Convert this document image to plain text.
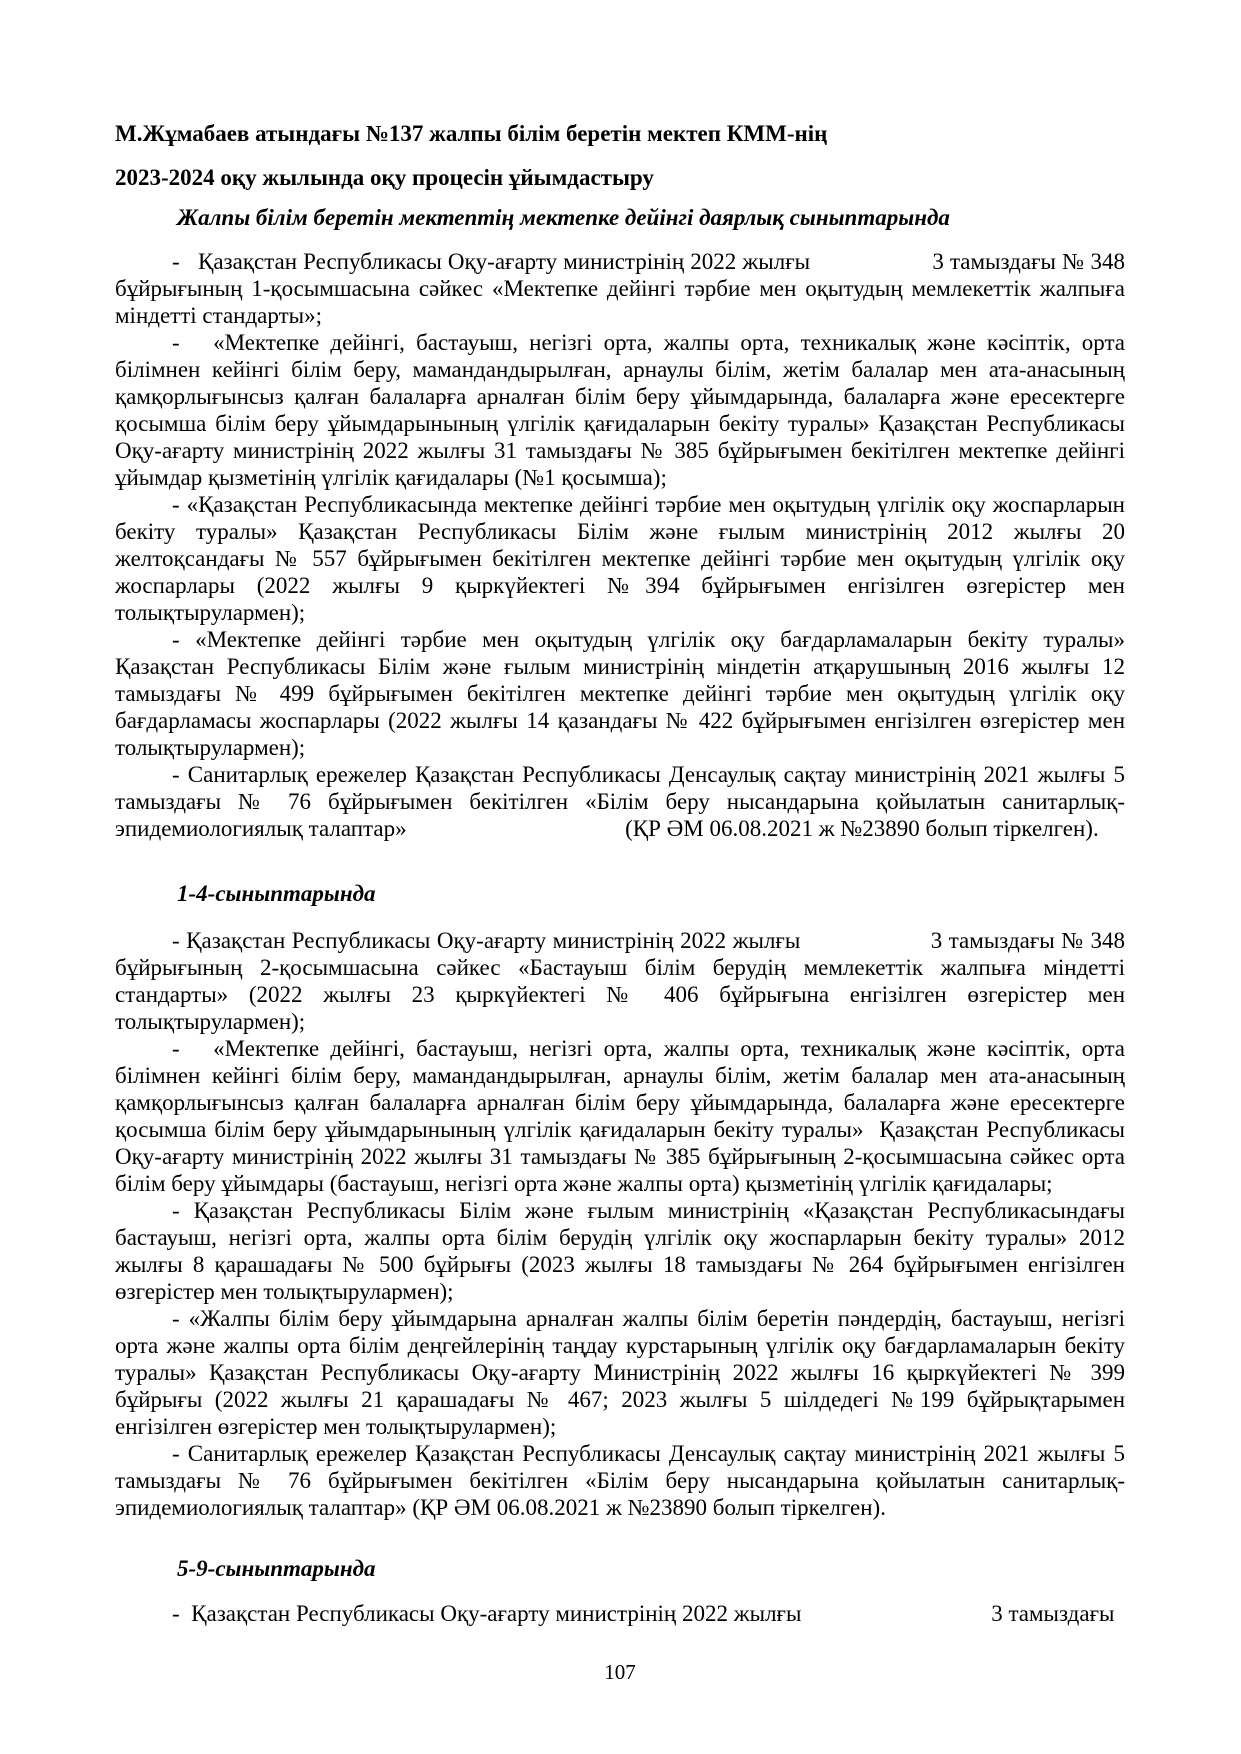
М.Жұмабаев атындағы №137 жалпы білім беретін мектеп КММ-нің

2023-2024 оқу жылында оқу процесін ұйымдастыру

Жалпы білім беретін мектептің мектепке дейінгі даярлық сыныптарында

-   Қазақстан Республикасы Оқу-ағарту министрінің 2022 жылғы                    3 тамыздағы № 348 бұйрығының 1-қосымшасына сәйкес «Мектепке дейінгі тәрбие мен оқытудың мемлекеттік жалпыға міндетті стандарты»;

-   «Мектепке дейінгі, бастауыш, негізгі орта, жалпы орта, техникалық және кәсіптік, орта білімнен кейінгі білім беру, мамандандырылған, арнаулы білім, жетім балалар мен ата-анасының қамқорлығынсыз қалған балаларға арналған білім беру ұйымдарында, балаларға және ересектерге қосымша білім беру ұйымдарынының үлгілік қағидаларын бекіту туралы» Қазақстан Республикасы Оқу-ағарту министрінің 2022 жылғы 31 тамыздағы № 385 бұйрығымен бекітілген мектепке дейінгі ұйымдар қызметінің үлгілік қағидалары (№1 қосымша);

- «Қазақстан Республикасында мектепке дейінгі тәрбие мен оқытудың үлгілік оқу жоспарларын бекіту туралы» Қазақстан Республикасы Білім және ғылым министрінің 2012 жылғы 20 желтоқсандағы № 557 бұйрығымен бекітілген мектепке дейінгі тәрбие мен оқытудың үлгілік оқу жоспарлары (2022 жылғы 9 қыркүйектегі №394 бұйрығымен енгізілген өзгерістер мен толықтырулармен);

- «Мектепке дейінгі тәрбие мен оқытудың үлгілік оқу бағдарламаларын бекіту туралы» Қазақстан Республикасы Білім және ғылым министрінің міндетін атқарушының 2016 жылғы 12 тамыздағы № 499 бұйрығымен бекітілген мектепке дейінгі тәрбие мен оқытудың үлгілік оқу бағдарламасы жоспарлары (2022 жылғы 14 қазандағы № 422 бұйрығымен енгізілген өзгерістер мен толықтырулармен);

- Санитарлық ережелер Қазақстан Республикасы Денсаулық сақтау министрінің 2021 жылғы 5 тамыздағы № 76 бұйрығымен бекітілген «Білім беру нысандарына қойылатын санитарлық-эпидемиологиялық талаптар»                                      (ҚР ӘМ 06.08.2021 ж №23890 болып тіркелген).

1-4-сыныптарында

- Қазақстан Республикасы Оқу-ағарту министрінің 2022 жылғы                    3 тамыздағы № 348 бұйрығының 2-қосымшасына сәйкес «Бастауыш білім берудің мемлекеттік жалпыға міндетті стандарты» (2022 жылғы 23 қыркүйектегі № 406 бұйрығына енгізілген өзгерістер мен толықтырулармен);

-   «Мектепке дейінгі, бастауыш, негізгі орта, жалпы орта, техникалық және кәсіптік, орта білімнен кейінгі білім беру, мамандандырылған, арнаулы білім, жетім балалар мен ата-анасының қамқорлығынсыз қалған балаларға арналған білім беру ұйымдарында, балаларға және ересектерге қосымша білім беру ұйымдарынының үлгілік қағидаларын бекіту туралы»  Қазақстан Республикасы Оқу-ағарту министрінің 2022 жылғы 31 тамыздағы № 385 бұйрығының 2-қосымшасына сәйкес орта білім беру ұйымдары (бастауыш, негізгі орта және жалпы орта) қызметінің үлгілік қағидалары;

- Қазақстан Республикасы Білім және ғылым министрінің «Қазақстан Республикасындағы бастауыш, негізгі орта, жалпы орта білім берудің үлгілік оқу жоспарларын бекіту туралы» 2012 жылғы 8 қарашадағы № 500 бұйрығы (2023 жылғы 18 тамыздағы № 264 бұйрығымен енгізілген өзгерістер мен толықтырулармен);

- «Жалпы білім беру ұйымдарына арналған жалпы білім беретін пәндердің, бастауыш, негізгі орта және жалпы орта білім деңгейлерінің таңдау курстарының үлгілік оқу бағдарламаларын бекіту туралы» Қазақстан Республикасы Оқу-ағарту Министрінің 2022 жылғы 16 қыркүйектегі № 399 бұйрығы (2022 жылғы 21 қарашадағы № 467; 2023 жылғы 5 шілдедегі №199 бұйрықтарымен енгізілген өзгерістер мен толықтырулармен);

- Санитарлық ережелер Қазақстан Республикасы Денсаулық сақтау министрінің 2021 жылғы 5 тамыздағы № 76 бұйрығымен бекітілген «Білім беру нысандарына қойылатын санитарлық-эпидемиологиялық талаптар» (ҚР ӘМ 06.08.2021 ж №23890 болып тіркелген).

5-9-сыныптарында

-  Қазақстан Республикасы Оқу-ағарту министрінің 2022 жылғы                                 3 тамыздағы

107
